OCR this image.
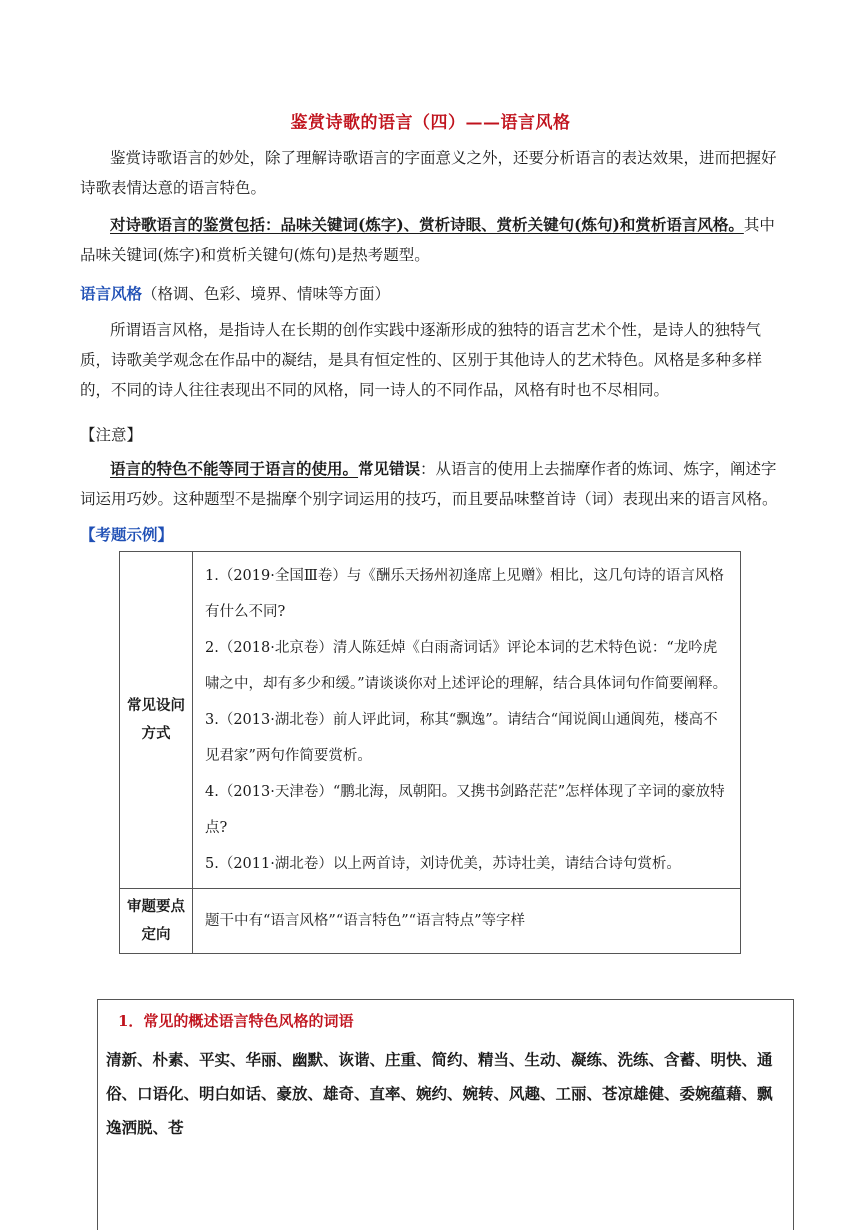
鉴赏诗歌的语言（四）——语言风格
鉴赏诗歌语言的妙处，除了理解诗歌语言的字面意义之外，还要分析语言的表达效果，进而把握好诗歌表情达意的语言特色。
对诗歌语言的鉴赏包括：品味关键词(炼字)、赏析诗眼、赏析关键句(炼句)和赏析语言风格。其中品味关键词(炼字)和赏析关键句(炼句)是热考题型。
语言风格（格调、色彩、境界、情味等方面）
所谓语言风格，是指诗人在长期的创作实践中逐渐形成的独特的语言艺术个性，是诗人的独特气质，诗歌美学观念在作品中的凝结，是具有恒定性的、区别于其他诗人的艺术特色。风格是多种多样的，不同的诗人往往表现出不同的风格，同一诗人的不同作品，风格有时也不尽相同。
【注意】
语言的特色不能等同于语言的使用。常见错误：从语言的使用上去揣摩作者的炼词、炼字，阐述字词运用巧妙。这种题型不是揣摩个别字词运用的技巧，而且要品味整首诗（词）表现出来的语言风格。
【考题示例】
常见设问方式	1.（2019·全国Ⅲ卷）与《酬乐天扬州初逢席上见赠》相比，这几句诗的语言风格有什么不同?
2.（2018·北京卷）清人陈廷焯《白雨斋词话》评论本词的艺术特色说：“龙吟虎啸之中，却有多少和缓。”请谈谈你对上述评论的理解，结合具体词句作简要阐释。
3.（2013·湖北卷）前人评此词，称其“飘逸”。请结合“闻说阆山通阆苑，楼高不见君家”两句作简要赏析。
4.（2013·天津卷）“鹏北海，凤朝阳。又携书剑路茫茫”怎样体现了辛词的豪放特点?
5.（2011·湖北卷）以上两首诗，刘诗优美，苏诗壮美，请结合诗句赏析。

审题要点定向	题干中有“语言风格”“语言特色”“语言特点”等字样
1．常见的概述语言特色风格的词语
清新、朴素、平实、华丽、幽默、诙谐、庄重、简约、精当、生动、凝练、洗练、含蓄、明快、通俗、口语化、明白如话、豪放、雄奇、直率、婉约、婉转、风趣、工丽、苍凉雄健、委婉蕴藉、飘逸洒脱、苍
